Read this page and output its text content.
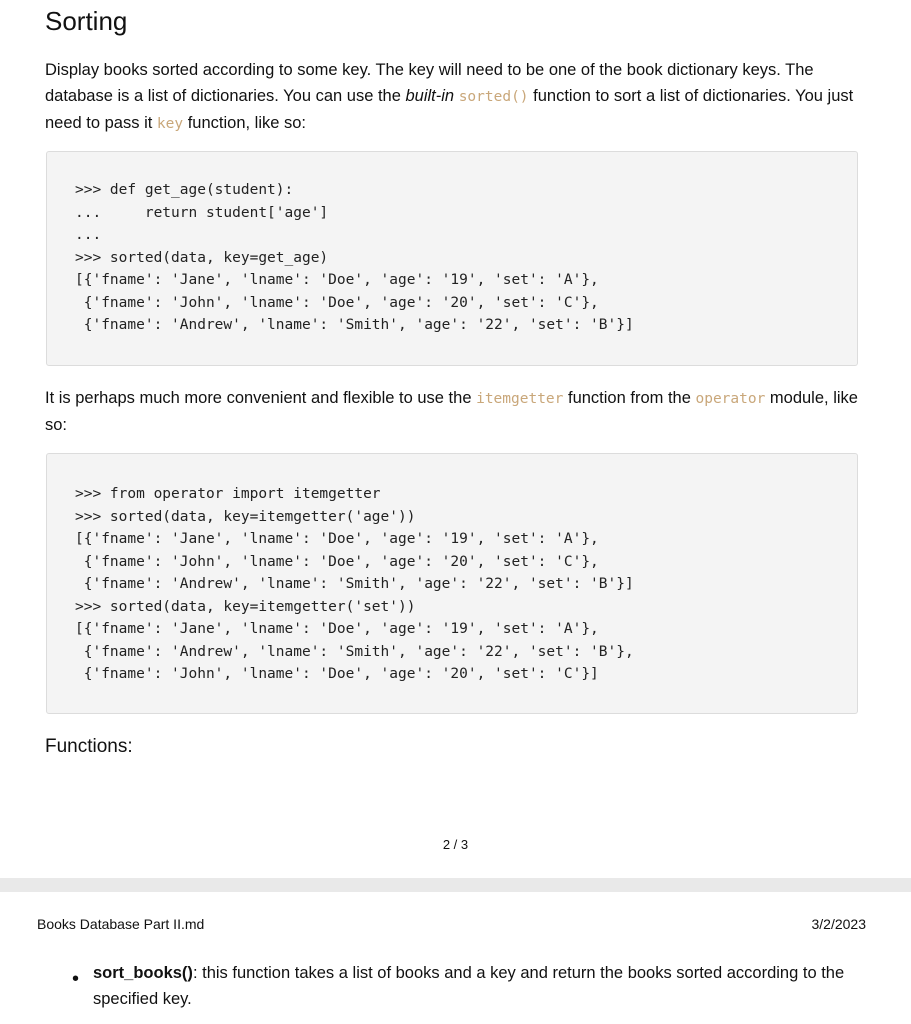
Sorting

Display books sorted according to some key. The key will need to be one of the book dictionary keys. The database is a list of dictionaries. You can use the built-in sorted() function to sort a list of dictionaries. You just need to pass it key function, like so:

>>> def get_age(student):
...     return student['age']
...
>>> sorted(data, key=get_age)
[{'fname': 'Jane', 'lname': 'Doe', 'age': '19', 'set': 'A'},
{'fname': 'John', 'lname': 'Doe', 'age': '20', 'set': 'C'},
{'fname': 'Andrew', 'lname': 'Smith', 'age': '22', 'set': 'B'}]

It is perhaps much more convenient and flexible to use the itemgetter function from the operator module, like so:

>>> from operator import itemgetter
>>> sorted(data, key=itemgetter('age'))
[{'fname': 'Jane', 'lname': 'Doe', 'age': '19', 'set': 'A'},
{'fname': 'John', 'lname': 'Doe', 'age': '20', 'set': 'C'},
{'fname': 'Andrew', 'lname': 'Smith', 'age': '22', 'set': 'B'}]
>>> sorted(data, key=itemgetter('set'))
[{'fname': 'Jane', 'lname': 'Doe', 'age': '19', 'set': 'A'},
{'fname': 'Andrew', 'lname': 'Smith', 'age': '22', 'set': 'B'},
{'fname': 'John', 'lname': 'Doe', 'age': '20', 'set': 'C'}]
Functions:
2 / 3
Books Database Part II.md	3/2/2023
• sort_books(): this function takes a list of books and a key and return the books sorted according to the specified key.
